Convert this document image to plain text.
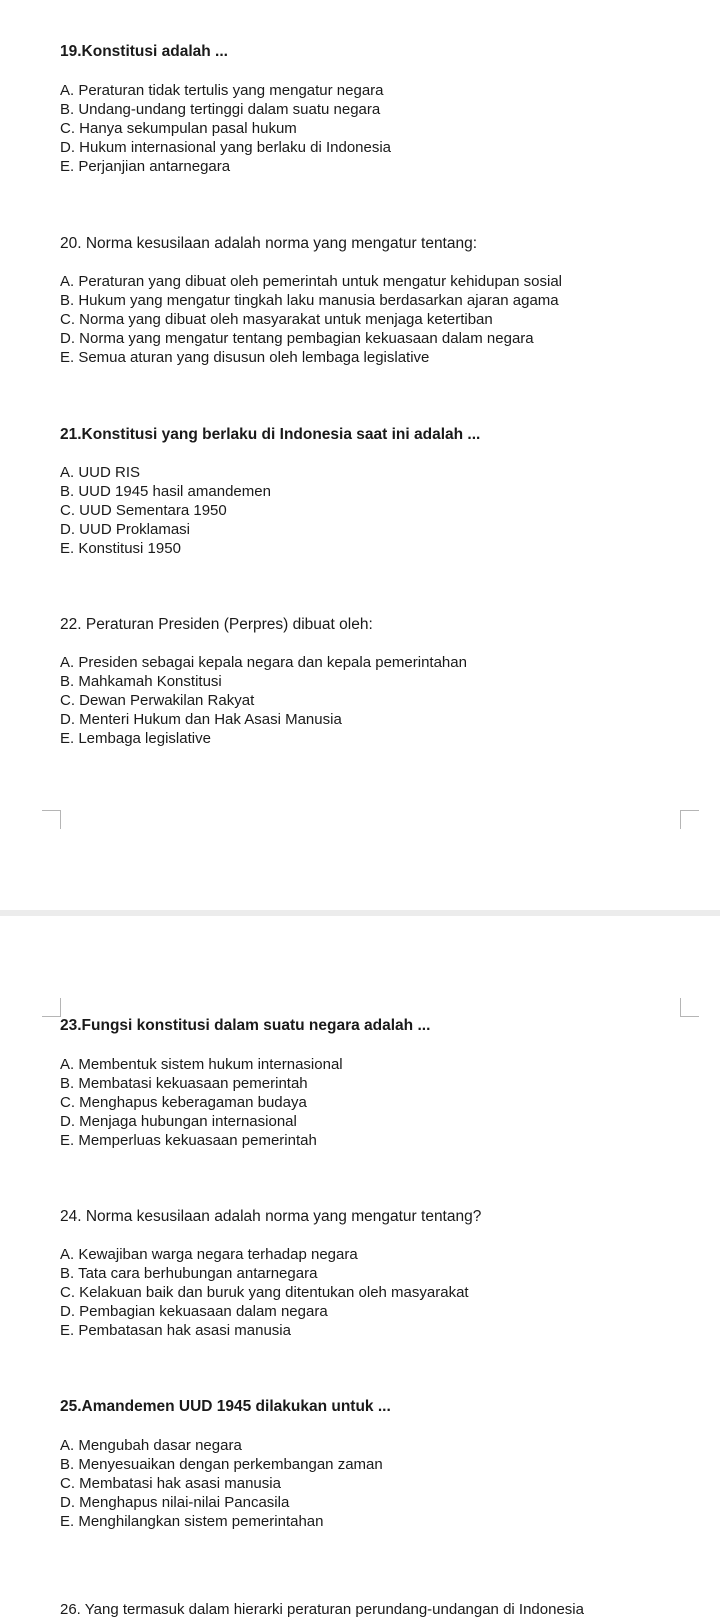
19.Konstitusi adalah ...

A. Peraturan tidak tertulis yang mengatur negara
B. Undang-undang tertinggi dalam suatu negara
C. Hanya sekumpulan pasal hukum
D. Hukum internasional yang berlaku di Indonesia
E. Perjanjian antarnegara

20. Norma kesusilaan adalah norma yang mengatur tentang:

A. Peraturan yang dibuat oleh pemerintah untuk mengatur kehidupan sosial
B. Hukum yang mengatur tingkah laku manusia berdasarkan ajaran agama
C. Norma yang dibuat oleh masyarakat untuk menjaga ketertiban
D. Norma yang mengatur tentang pembagian kekuasaan dalam negara
E. Semua aturan yang disusun oleh lembaga legislative

21.Konstitusi yang berlaku di Indonesia saat ini adalah ...

A. UUD RIS
B. UUD 1945 hasil amandemen
C. UUD Sementara 1950
D. UUD Proklamasi
E. Konstitusi 1950

22. Peraturan Presiden (Perpres) dibuat oleh:

A. Presiden sebagai kepala negara dan kepala pemerintahan
B. Mahkamah Konstitusi
C. Dewan Perwakilan Rakyat
D. Menteri Hukum dan Hak Asasi Manusia
E. Lembaga legislative

23.Fungsi konstitusi dalam suatu negara adalah ...

A. Membentuk sistem hukum internasional
B. Membatasi kekuasaan pemerintah
C. Menghapus keberagaman budaya
D. Menjaga hubungan internasional
E. Memperluas kekuasaan pemerintah

24. Norma kesusilaan adalah norma yang mengatur tentang?

A. Kewajiban warga negara terhadap negara
B. Tata cara berhubungan antarnegara
C. Kelakuan baik dan buruk yang ditentukan oleh masyarakat
D. Pembagian kekuasaan dalam negara
E. Pembatasan hak asasi manusia

25.Amandemen UUD 1945 dilakukan untuk ...

A. Mengubah dasar negara
B. Menyesuaikan dengan perkembangan zaman
C. Membatasi hak asasi manusia
D. Menghapus nilai-nilai Pancasila
E. Menghilangkan sistem pemerintahan

26. Yang termasuk dalam hierarki peraturan perundang-undangan di Indonesia
